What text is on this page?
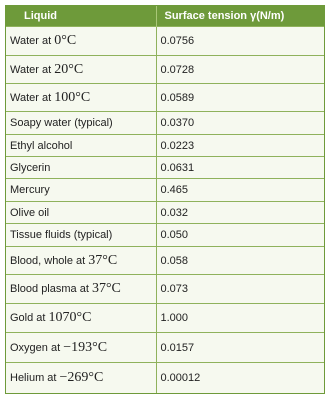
Liquid	Surface tension γ(N/m)
Water at 0°C	0.0756
Water at 20°C	0.0728
Water at 100°C	0.0589
Soapy water (typical)	0.0370
Ethyl alcohol	0.0223
Glycerin	0.0631
Mercury	0.465
Olive oil	0.032
Tissue fluids (typical)	0.050
Blood, whole at 37°C	0.058
Blood plasma at 37°C	0.073
Gold at 1070°C	1.000
Oxygen at −193°C	0.0157
Helium at −269°C	0.00012
